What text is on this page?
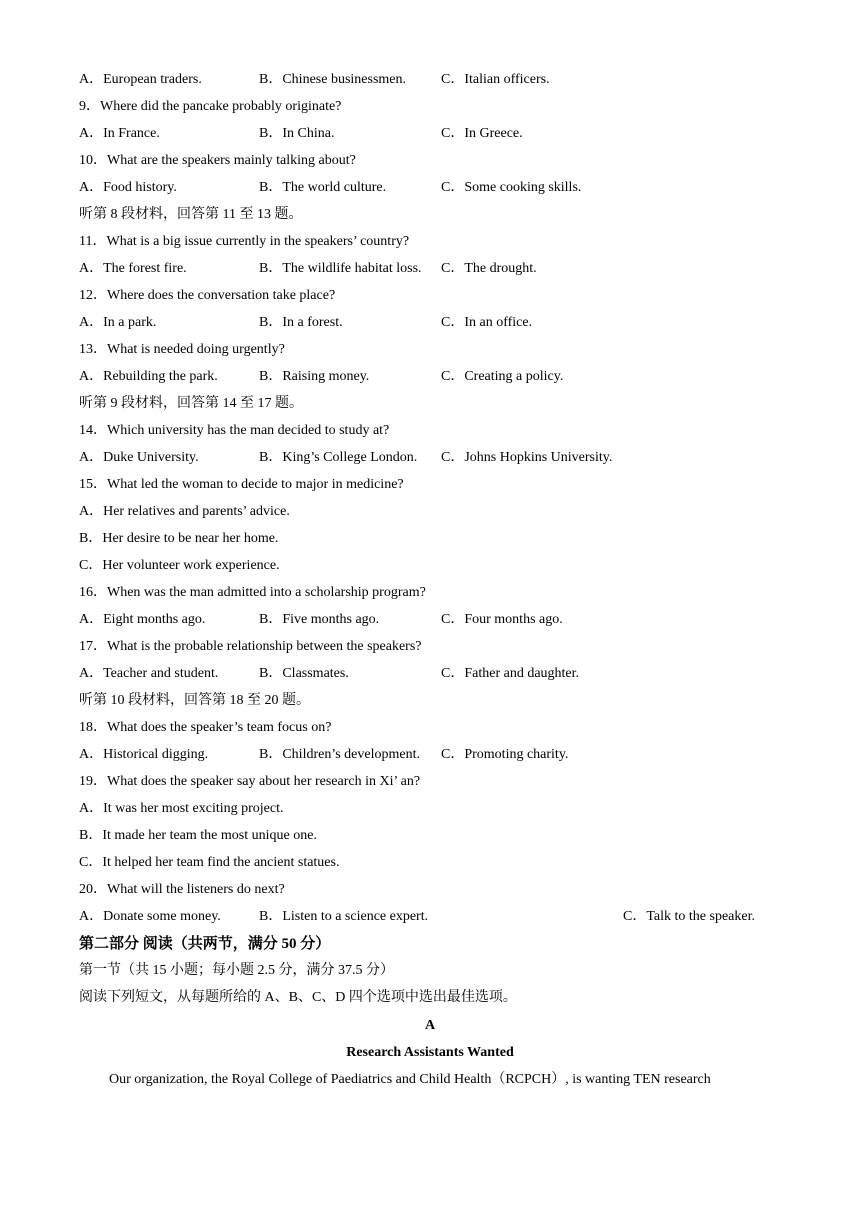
A．European traders.	B．Chinese businessmen.	C．Italian officers.
9．Where did the pancake probably originate?
A．In France.	B．In China.	C．In Greece.
10．What are the speakers mainly talking about?
A．Food history.	B．The world culture.	C．Some cooking skills.
听第 8 段材料，回答第 11 至 13 题。
11．What is a big issue currently in the speakers’ country?
A．The forest fire.	B．The wildlife habitat loss. C．The drought.
12．Where does the conversation take place?
A．In a park.	B．In a forest.	C．In an office.
13．What is needed doing urgently?
A．Rebuilding the park.	B．Raising money.	C．Creating a policy.
听第 9 段材料，回答第 14 至 17 题。
14．Which university has the man decided to study at?
A．Duke University.	B．King’s College London. C．Johns Hopkins University.
15．What led the woman to decide to major in medicine?
A．Her relatives and parents’ advice.
B．Her desire to be near her home.
C．Her volunteer work experience.
16．When was the man admitted into a scholarship program?
A．Eight months ago.	B．Five months ago.	C．Four months ago.
17．What is the probable relationship between the speakers?
A．Teacher and student.	B．Classmates.	C．Father and daughter.
听第 10 段材料，回答第 18 至 20 题。
18．What does the speaker’s team focus on?
A．Historical digging.	B．Children’s development. C．Promoting charity.
19．What does the speaker say about her research in Xi’ an?
A．It was her most exciting project.
B．It made her team the most unique one.
C．It helped her team find the ancient statues.
20．What will the listeners do next?
A．Donate some money.	B．Listen to a science expert.	C．Talk to the speaker.
第二部分 阅读（共两节，满分 50 分）
第一节（共 15 小题；每小题 2.5 分，满分 37.5 分）
阅读下列短文，从每题所给的 A、B、C、D 四个选项中选出最佳选项。
A
Research Assistants Wanted
Our organization, the Royal College of Paediatrics and Child Health（RCPCH）, is wanting TEN research
